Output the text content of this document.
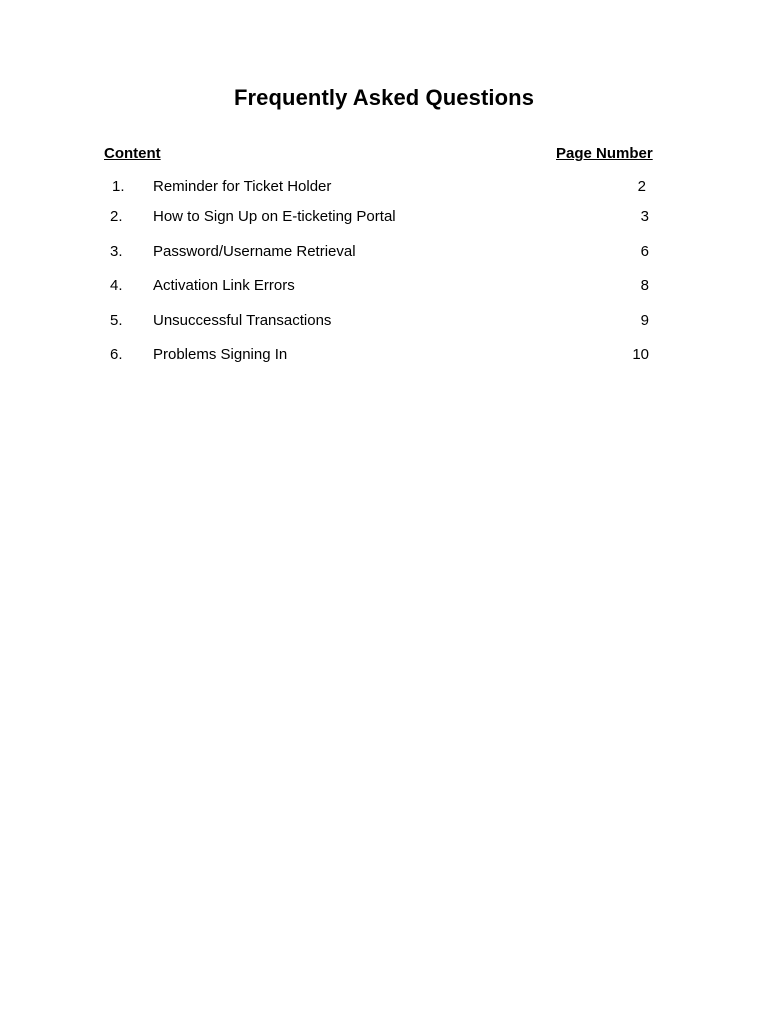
Frequently Asked Questions
Content	Page Number
1. Reminder for Ticket Holder	2
2. How to Sign Up on E-ticketing Portal	3
3. Password/Username Retrieval	6
4. Activation Link Errors	8
5. Unsuccessful Transactions	9
6. Problems Signing In	10
